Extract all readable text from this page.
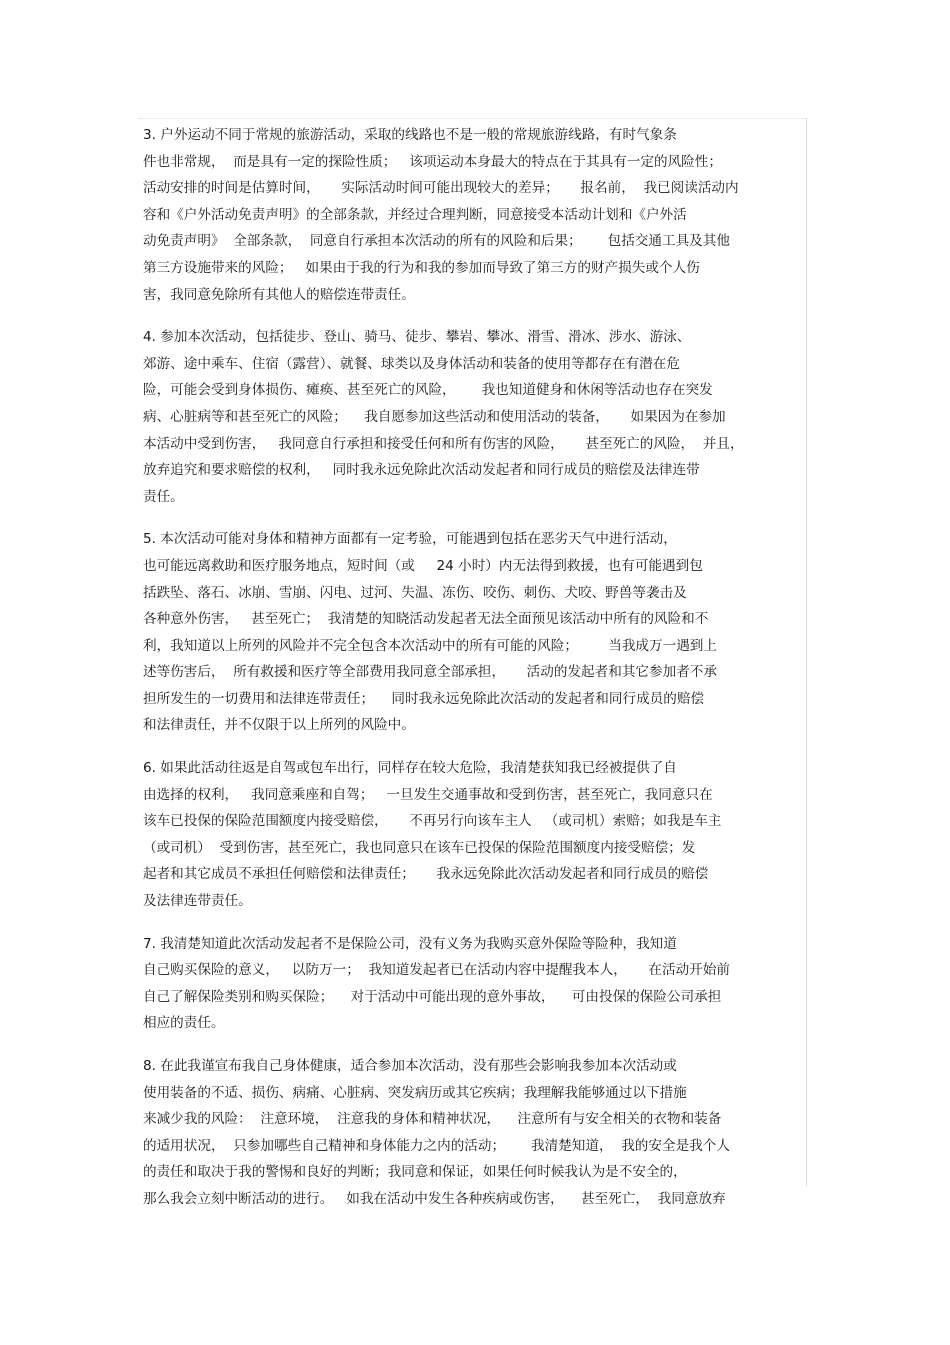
3. 户外运动不同于常规的旅游活动，采取的线路也不是一般的常规旅游线路，有时气象条
件也非常规，  而是具有一定的探险性质；   该项运动本身最大的特点在于其具有一定的风险性；
活动安排的时间是估算时间，     实际活动时间可能出现较大的差异；     报名前，  我已阅读活动内
容和《户外活动免责声明》的全部条款，并经过合理判断，同意接受本活动计划和《户外活
动免责声明》  全部条款，  同意自行承担本次活动的所有的风险和后果；      包括交通工具及其他
第三方设施带来的风险；   如果由于我的行为和我的参加而导致了第三方的财产损失或个人伤
害，我同意免除所有其他人的赔偿连带责任。
4. 参加本次活动，包括徒步、登山、骑马、徒步、攀岩、攀冰、滑雪、滑冰、涉水、游泳、
郊游、途中乘车、住宿（露营）、就餐、球类以及身体活动和装备的使用等都存在有潜在危
险，可能会受到身体损伤、瘫痪、甚至死亡的风险，      我也知道健身和休闲等活动也存在突发
病、心脏病等和甚至死亡的风险；    我自愿参加这些活动和使用活动的装备，     如果因为在参加
本活动中受到伤害，   我同意自行承担和接受任何和所有伤害的风险，     甚至死亡的风险，  并且，
放弃追究和要求赔偿的权利，   同时我永远免除此次活动发起者和同行成员的赔偿及法律连带
责任。
5. 本次活动可能对身体和精神方面都有一定考验，可能遇到包括在恶劣天气中进行活动，
也可能远离救助和医疗服务地点，短时间（或     24 小时）内无法得到救援，也有可能遇到包
括跌坠、落石、冰崩、雪崩、闪电、过河、失温、冻伤、咬伤、刺伤、犬咬、野兽等袭击及
各种意外伤害，   甚至死亡；  我清楚的知晓活动发起者无法全面预见该活动中所有的风险和不
利，我知道以上所列的风险并不完全包含本次活动中的所有可能的风险；       当我成万一遇到上
述等伤害后，  所有救援和医疗等全部费用我同意全部承担，     活动的发起者和其它参加者不承
担所发生的一切费用和法律连带责任；    同时我永远免除此次活动的发起者和同行成员的赔偿
和法律责任，并不仅限于以上所列的风险中。
6. 如果此活动往返是自驾或包车出行，同样存在较大危险，我清楚获知我已经被提供了自
由选择的权利，   我同意乘座和自驾；   一旦发生交通事故和受到伤害，甚至死亡，我同意只在
该车已投保的保险范围额度内接受赔偿，     不再另行向该车主人   （或司机）索赔；如我是车主
（或司机）  受到伤害，甚至死亡，我也同意只在该车已投保的保险范围额度内接受赔偿；发
起者和其它成员不承担任何赔偿和法律责任；     我永远免除此次活动发起者和同行成员的赔偿
及法律连带责任。
7. 我清楚知道此次活动发起者不是保险公司，没有义务为我购买意外保险等险种，我知道
自己购买保险的意义，   以防万一；  我知道发起者已在活动内容中提醒我本人，     在活动开始前
自己了解保险类别和购买保险；    对于活动中可能出现的意外事故，    可由投保的保险公司承担
相应的责任。
8. 在此我谨宣布我自己身体健康，适合参加本次活动，没有那些会影响我参加本次活动或
使用装备的不适、损伤、病痛、心脏病、突发病历或其它疾病；我理解我能够通过以下措施
来减少我的风险：  注意环境，  注意我的身体和精神状况，    注意所有与安全相关的衣物和装备
的适用状况，  只参加哪些自己精神和身体能力之内的活动；      我清楚知道，  我的安全是我个人
的责任和取决于我的警惕和良好的判断；我同意和保证，如果任何时候我认为是不安全的，
那么我会立刻中断活动的进行。   如我在活动中发生各种疾病或伤害，    甚至死亡，  我同意放弃
